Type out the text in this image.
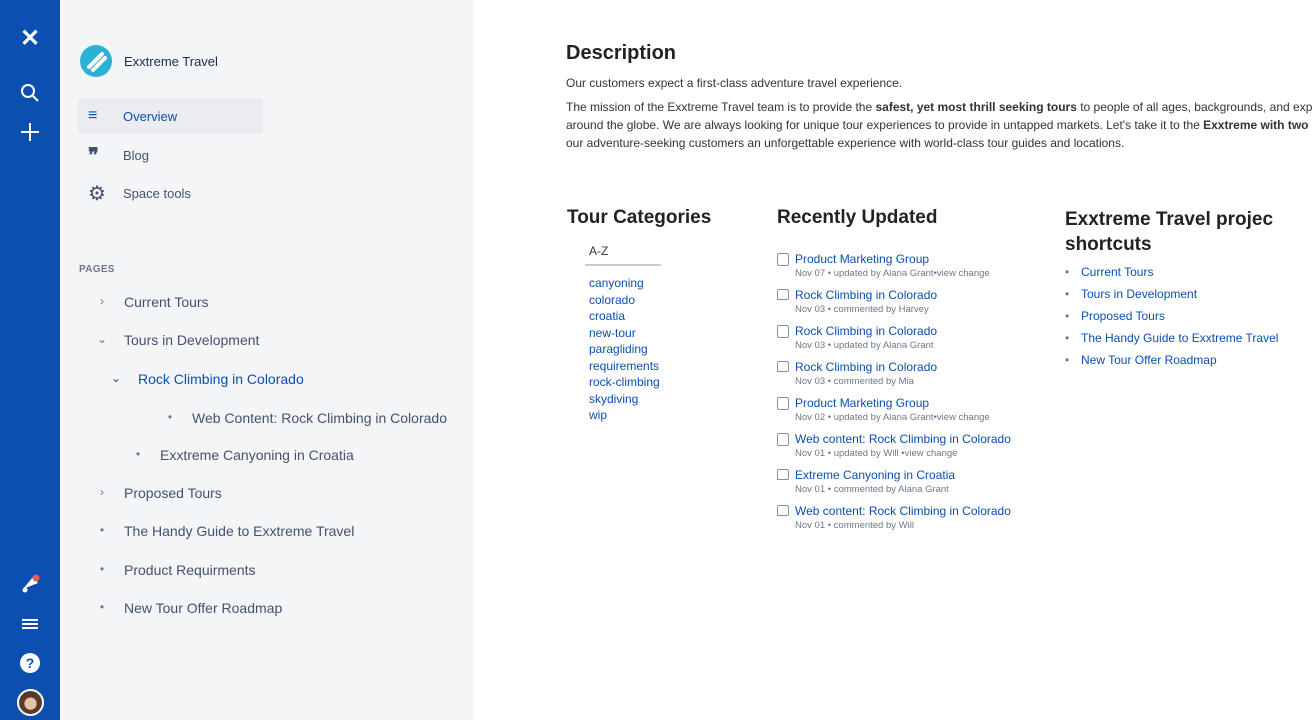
✕
?
Exxtreme Travel
≡	Overview
❞	Blog
⚙	Space tools
PAGES
› Current Tours
⌄ Tours in Development
⌄ Rock Climbing in Colorado
• Web Content: Rock Climbing in Colorado
• Exxtreme Canyoning in Croatia
› Proposed Tours
• The Handy Guide to Exxtreme Travel
• Product Requirments
• New Tour Offer Roadmap
Description
Our customers expect a first-class adventure travel experience.
The mission of the Exxtreme Travel team is to provide the safest, yet most thrill seeking tours to people of all ages, backgrounds, and exp
around the globe. We are always looking for unique tour experiences to provide in untapped markets. Let's take it to the Exxtreme with two
our adventure-seeking customers an unforgettable experience with world-class tour guides and locations.
Tour Categories
A-Z
canyoning
colorado
croatia
new-tour
paragliding
requirements
rock-climbing
skydiving
wip
Recently Updated
Product Marketing Group
Nov 07 • updated by Alana Grant•view change
Rock Climbing in Colorado
Nov 03 • commented by Harvey
Rock Climbing in Colorado
Nov 03 • updated by Alana Grant
Rock Climbing in Colorado
Nov 03 • commented by Mia
Product Marketing Group
Nov 02 • updated by Alana Grant•view change
Web content: Rock Climbing in Colorado
Nov 01 • updated by Will •view change
Extreme Canyoning in Croatia
Nov 01 • commented by Alana Grant
Web content: Rock Climbing in Colorado
Nov 01 • commented by Will
Exxtreme Travel projec
shortcuts
• Current Tours
• Tours in Development
• Proposed Tours
• The Handy Guide to Exxtreme Travel
• New Tour Offer Roadmap
